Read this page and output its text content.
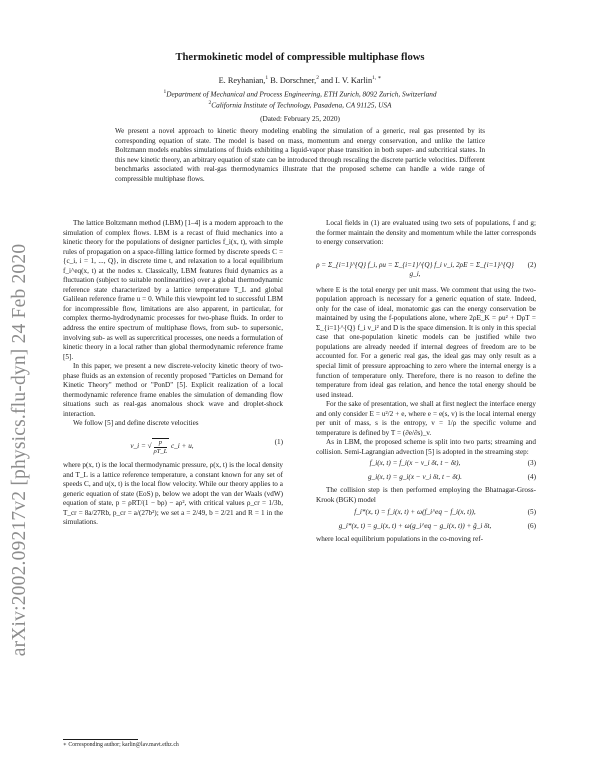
arXiv:2002.09217v2 [physics.flu-dyn] 24 Feb 2020
Thermokinetic model of compressible multiphase flows
E. Reyhanian,$^1$ B. Dorschner,$^2$ and I. V. Karlin$^{1, ∗}$
$^1$Department of Mechanical and Process Engineering, ETH Zurich, 8092 Zurich, Switzerland
$^2$California Institute of Technology, Pasadena, CA 91125, USA
(Dated: February 25, 2020)
We present a novel approach to kinetic theory modeling enabling the simulation of a generic, real gas presented by its corresponding equation of state. The model is based on mass, momentum and energy conservation, and unlike the lattice Boltzmann models enables simulations of fluids exhibiting a liquid-vapor phase transition in both super- and subcritical states. In this new kinetic theory, an arbitrary equation of state can be introduced through rescaling the discrete particle velocities. Different benchmarks associated with real-gas thermodynamics illustrate that the proposed scheme can handle a wide range of compressible multiphase flows.

The lattice Boltzmann method (LBM) [1–4] is a modern approach to the simulation of complex flows. LBM is a recast of fluid mechanics into a kinetic theory for the populations of designer particles f_i(x, t), with simple rules of propagation on a space-filling lattice formed by discrete speeds C = {c_i, i = 1, ..., Q}, in discrete time t, and relaxation to a local equilibrium f_i^eq(x, t) at the nodes x. Classically, LBM features fluid dynamics as a fluctuation (subject to suitable nonlinearities) over a global thermodynamic reference state characterized by a lattice temperature T_L and global Galilean reference frame u = 0. While this viewpoint led to successful LBM for incompressible flow, limitations are also apparent, in particular, for complex thermo-hydrodynamic processes for two-phase fluids. In order to address the entire spectrum of multiphase flows, from sub- to supersonic, involving sub- as well as supercritical processes, one needs a formulation of kinetic theory in a local rather than global thermodynamic reference frame [5].

In this paper, we present a new discrete-velocity kinetic theory of two-phase fluids as an extension of recently proposed "Particles on Demand for Kinetic Theory" method or "PonD" [5]. Explicit realization of a local thermodynamic reference frame enables the simulation of demanding flow situations such as real-gas anomalous shock wave and droplet-shock interaction.

We follow [5] and define discrete velocities

v_i = √ $\frac{p}{\rho T\_L}$ c_i + u,
(1)

where p(x, t) is the local thermodynamic pressure, ρ(x, t) is the local density and T_L is a lattice reference temperature, a constant known for any set of speeds C, and u(x, t) is the local flow velocity. While our theory applies to a generic equation of state (EoS) p, below we adopt the van der Waals (vdW) equation of state, p = ρRT/(1 − bρ) − aρ², with critical values ρ_cr = 1/3b, T_cr = 8a/27Rb, p_cr = a/(27b²); we set a = 2/49, b = 2/21 and R = 1 in the simulations.

Local fields in (1) are evaluated using two sets of populations, f and g; the former maintain the density and momentum while the latter corresponds to energy conservation:

ρ = Σ_{i=1}^{Q} f_i, ρu = Σ_{i=1}^{Q} f_i v_i, 2ρE = Σ_{i=1}^{Q} g_i,
(2)

where E is the total energy per unit mass. We comment that using the two-population approach is necessary for a generic equation of state. Indeed, only for the case of ideal, monatomic gas can the energy conservation be maintained by using the f-populations alone, where 2ρE_K = ρu² + DρT = Σ_{i=1}^{Q} f_i v_i² and D is the space dimension. It is only in this special case that one-population kinetic models can be justified while two populations are already needed if internal degrees of freedom are to be accounted for. For a generic real gas, the ideal gas may only result as a special limit of pressure approaching to zero where the internal energy is a function of temperature only. Therefore, there is no reason to define the temperature from ideal gas relation, and hence the total energy should be used instead.

For the sake of presentation, we shall at first neglect the interface energy and only consider E = u²/2 + e, where e = e(s, v) is the local internal energy per unit of mass, s is the entropy, v = 1/ρ the specific volume and temperature is defined by T = (∂e/∂s)_v.

As in LBM, the proposed scheme is split into two parts; streaming and collision. Semi-Lagrangian advection [5] is adopted in the streaming step:

f_i(x, t) = f_i(x − v_i δt, t − δt),	(3)
g_i(x, t) = g_i(x − v_i δt, t − δt).	(4)

The collision step is then performed employing the Bhatnagar-Gross-Krook (BGK) model

f_i*(x, t) = f_i(x, t) + ω(f_i^eq − f_i(x, t)),	(5)
g_i*(x, t) = g_i(x, t) + ω(g_i^eq − g_i(x, t)) + ĝ_i δt,	(6)

where local equilibrium populations in the co-moving ref-

∗ Corresponding author; karlin@lav.mavt.ethz.ch
